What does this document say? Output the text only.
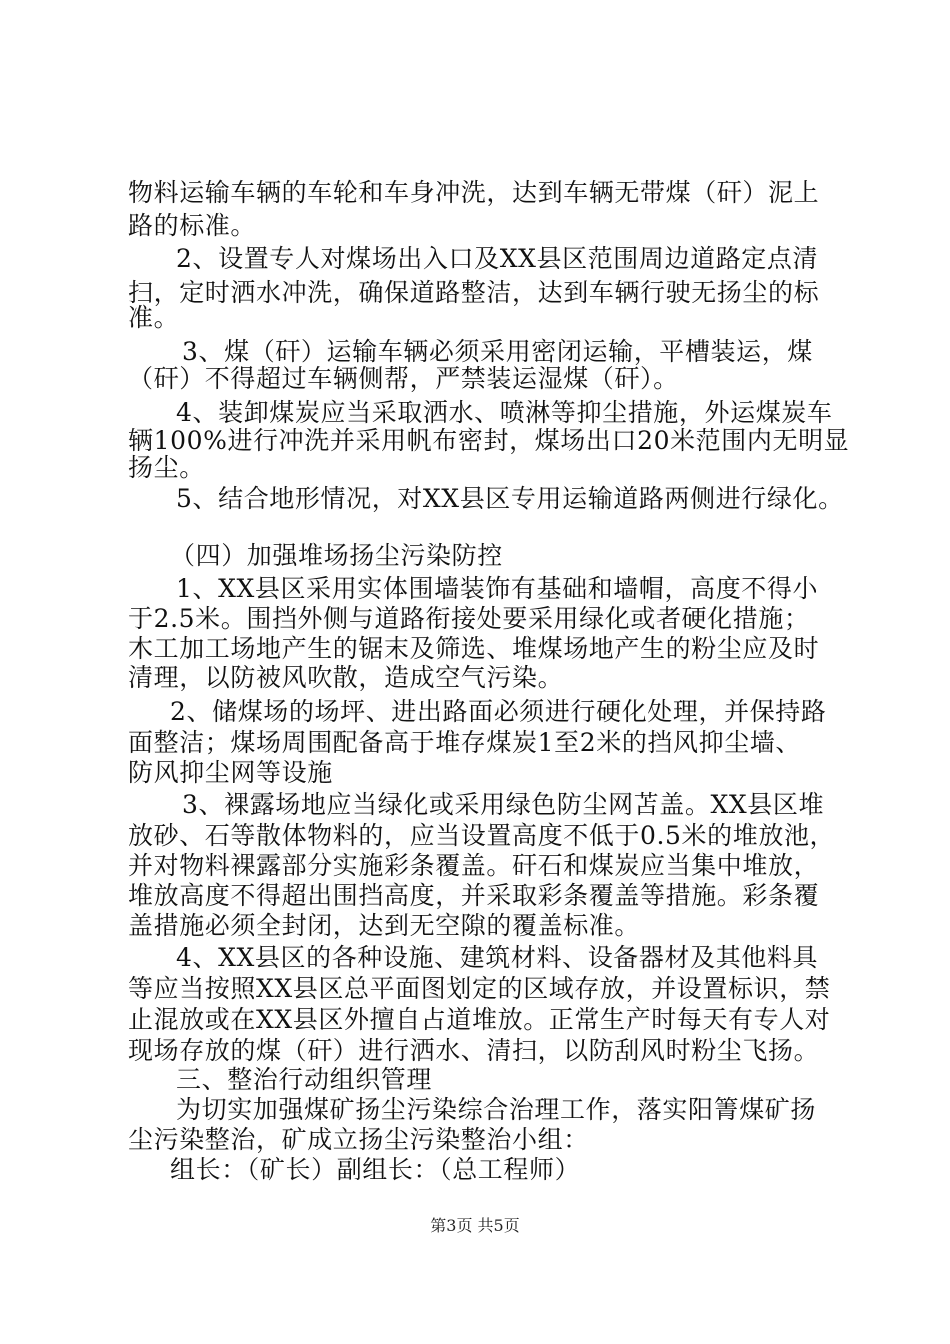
物料运输车辆的车轮和车身冲洗，达到车辆无带煤（矸）泥上
路的标准。
2、设置专人对煤场出入口及XX县区范围周边道路定点清
扫，定时洒水冲洗，确保道路整洁，达到车辆行驶无扬尘的标
准。
3、煤（矸）运输车辆必须采用密闭运输，平槽装运，煤
（矸）不得超过车辆侧帮，严禁装运湿煤（矸）。
4、装卸煤炭应当采取洒水、喷淋等抑尘措施，外运煤炭车
辆100%进行冲洗并采用帆布密封，煤场出口20米范围内无明显
扬尘。
5、结合地形情况，对XX县区专用运输道路两侧进行绿化。
（四）加强堆场扬尘污染防控
1、XX县区采用实体围墙装饰有基础和墙帽，高度不得小
于2.5米。围挡外侧与道路衔接处要采用绿化或者硬化措施；
木工加工场地产生的锯末及筛选、堆煤场地产生的粉尘应及时
清理，以防被风吹散，造成空气污染。
2、储煤场的场坪、进出路面必须进行硬化处理，并保持路
面整洁；煤场周围配备高于堆存煤炭1至2米的挡风抑尘墙、
防风抑尘网等设施
3、裸露场地应当绿化或采用绿色防尘网苫盖。XX县区堆
放砂、石等散体物料的，应当设置高度不低于0.5米的堆放池，
并对物料裸露部分实施彩条覆盖。矸石和煤炭应当集中堆放，
堆放高度不得超出围挡高度，并采取彩条覆盖等措施。彩条覆
盖措施必须全封闭，达到无空隙的覆盖标准。
4、XX县区的各种设施、建筑材料、设备器材及其他料具
等应当按照XX县区总平面图划定的区域存放，并设置标识，禁
止混放或在XX县区外擅自占道堆放。正常生产时每天有专人对
现场存放的煤（矸）进行洒水、清扫，以防刮风时粉尘飞扬。
三、整治行动组织管理
为切实加强煤矿扬尘污染综合治理工作，落实阳箐煤矿扬
尘污染整治，矿成立扬尘污染整治小组：
组长：（矿长）副组长：（总工程师）
第3页 共5页
